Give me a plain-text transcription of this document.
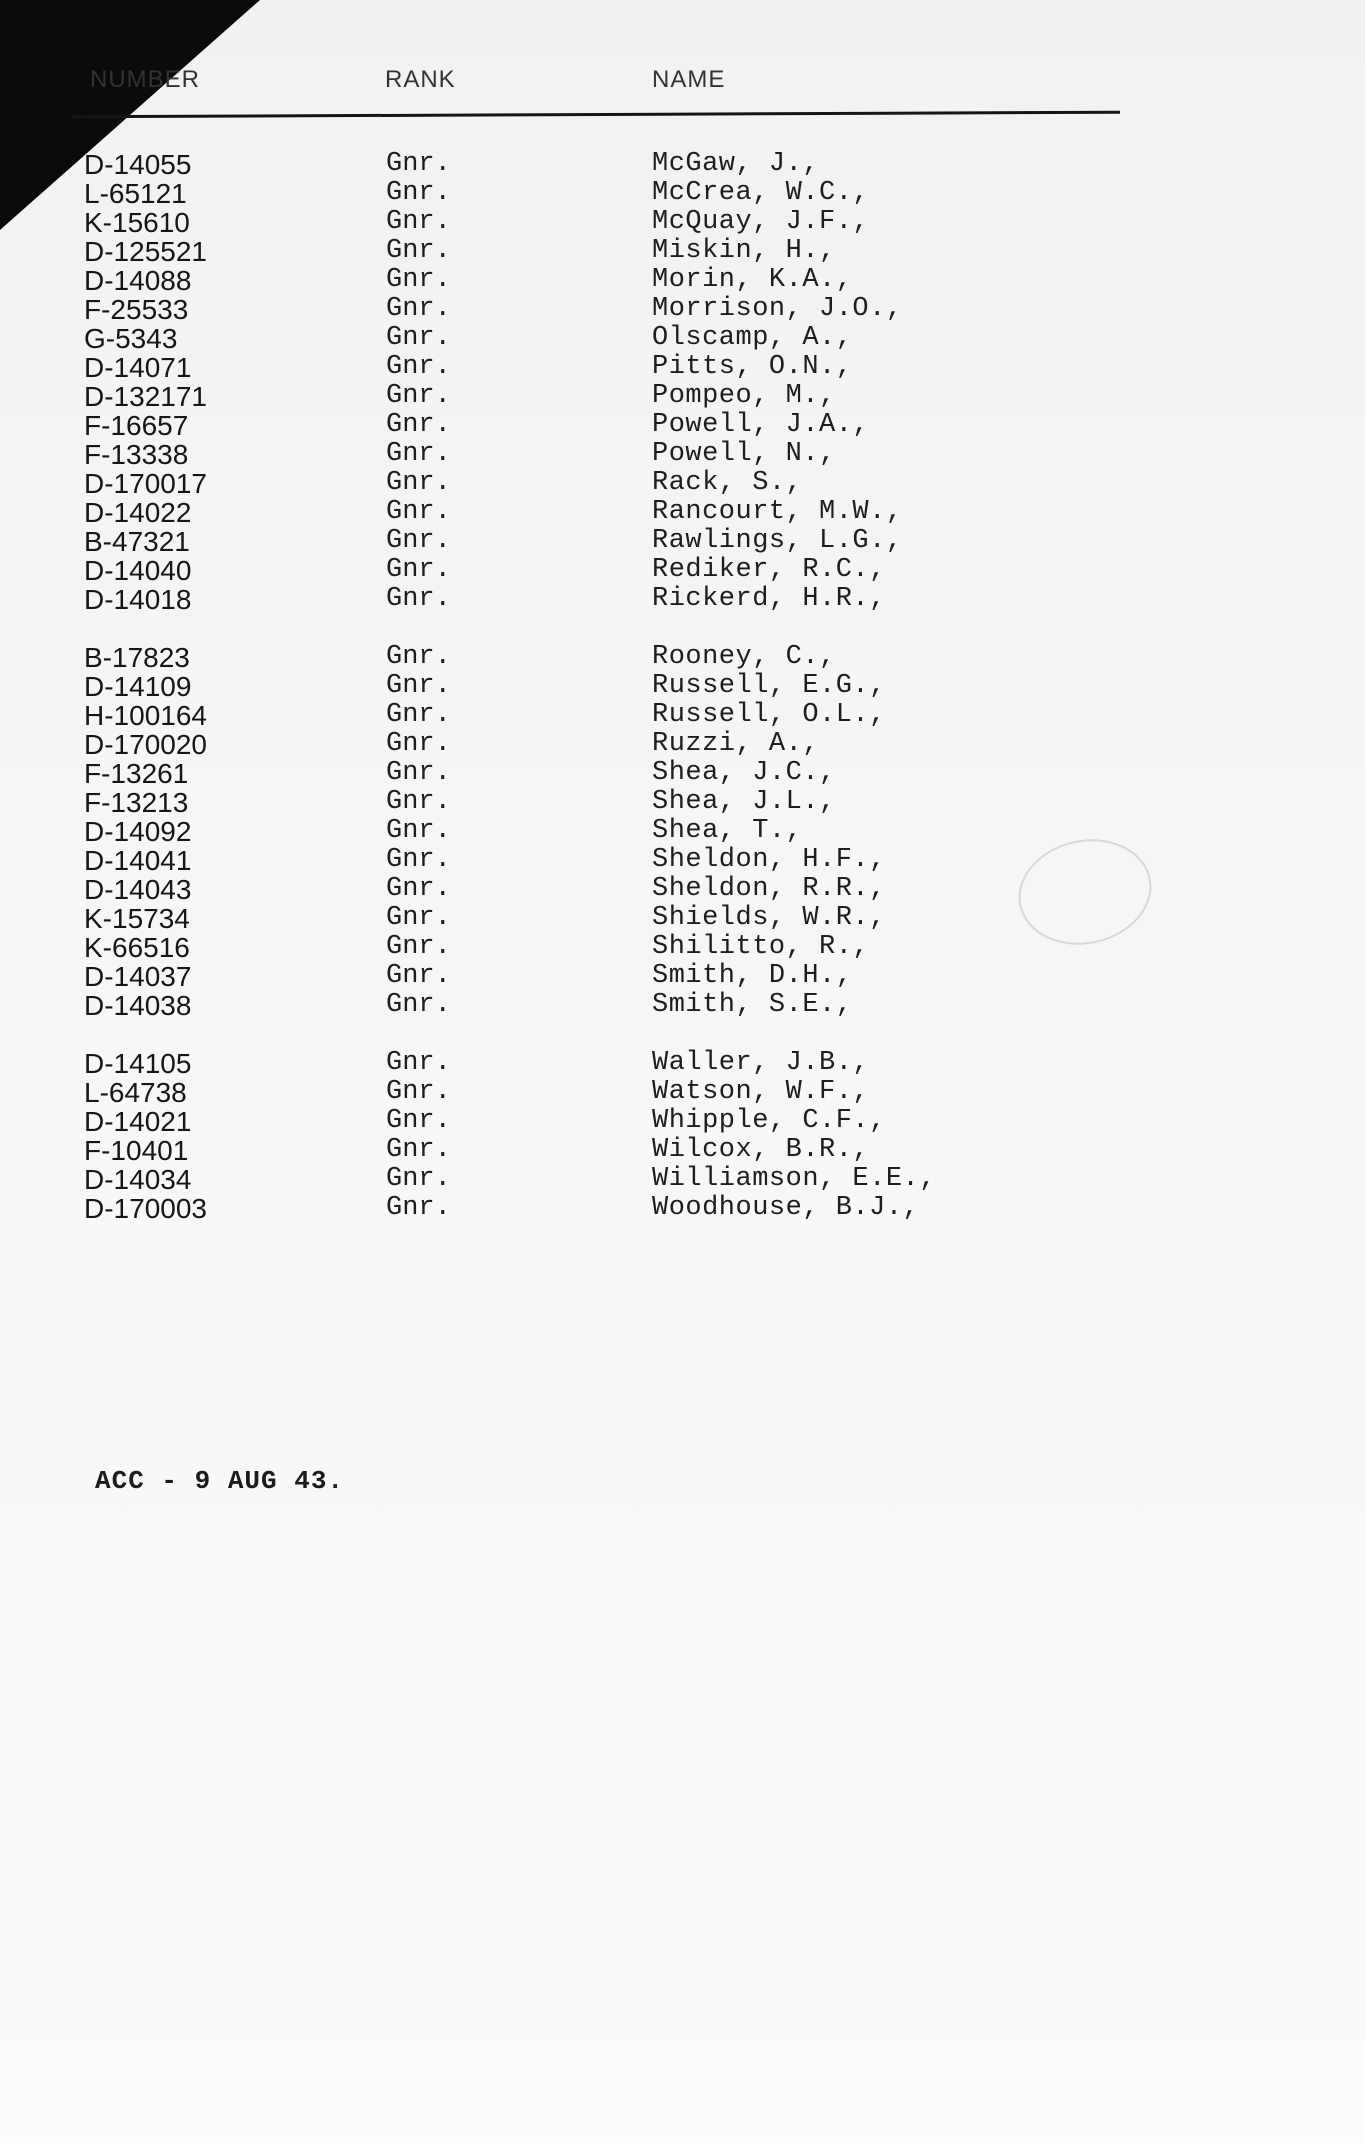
NUMBER	RANK	NAME
D-14055	Gnr.	McGaw, J.,
L-65121	Gnr.	McCrea, W.C.,
K-15610	Gnr.	McQuay, J.F.,
D-125521	Gnr.	Miskin, H.,
D-14088	Gnr.	Morin, K.A.,
F-25533	Gnr.	Morrison, J.O.,
G-5343	Gnr.	Olscamp, A.,
D-14071	Gnr.	Pitts, O.N.,
D-132171	Gnr.	Pompeo, M.,
F-16657	Gnr.	Powell, J.A.,
F-13338	Gnr.	Powell, N.,
D-170017	Gnr.	Rack, S.,
D-14022	Gnr.	Rancourt, M.W.,
B-47321	Gnr.	Rawlings, L.G.,
D-14040	Gnr.	Rediker, R.C.,
D-14018	Gnr.	Rickerd, H.R.,
B-17823	Gnr.	Rooney, C.,
D-14109	Gnr.	Russell, E.G.,
H-100164	Gnr.	Russell, O.L.,
D-170020	Gnr.	Ruzzi, A.,
F-13261	Gnr.	Shea, J.C.,
F-13213	Gnr.	Shea, J.L.,
D-14092	Gnr.	Shea, T.,
D-14041	Gnr.	Sheldon, H.F.,
D-14043	Gnr.	Sheldon, R.R.,
K-15734	Gnr.	Shields, W.R.,
K-66516	Gnr.	Shilitto, R.,
D-14037	Gnr.	Smith, D.H.,
D-14038	Gnr.	Smith, S.E.,
D-14105	Gnr.	Waller, J.B.,
L-64738	Gnr.	Watson, W.F.,
D-14021	Gnr.	Whipple, C.F.,
F-10401	Gnr.	Wilcox, B.R.,
D-14034	Gnr.	Williamson, E.E.,
D-170003	Gnr.	Woodhouse, B.J.,
ACC - 9 AUG 43.
